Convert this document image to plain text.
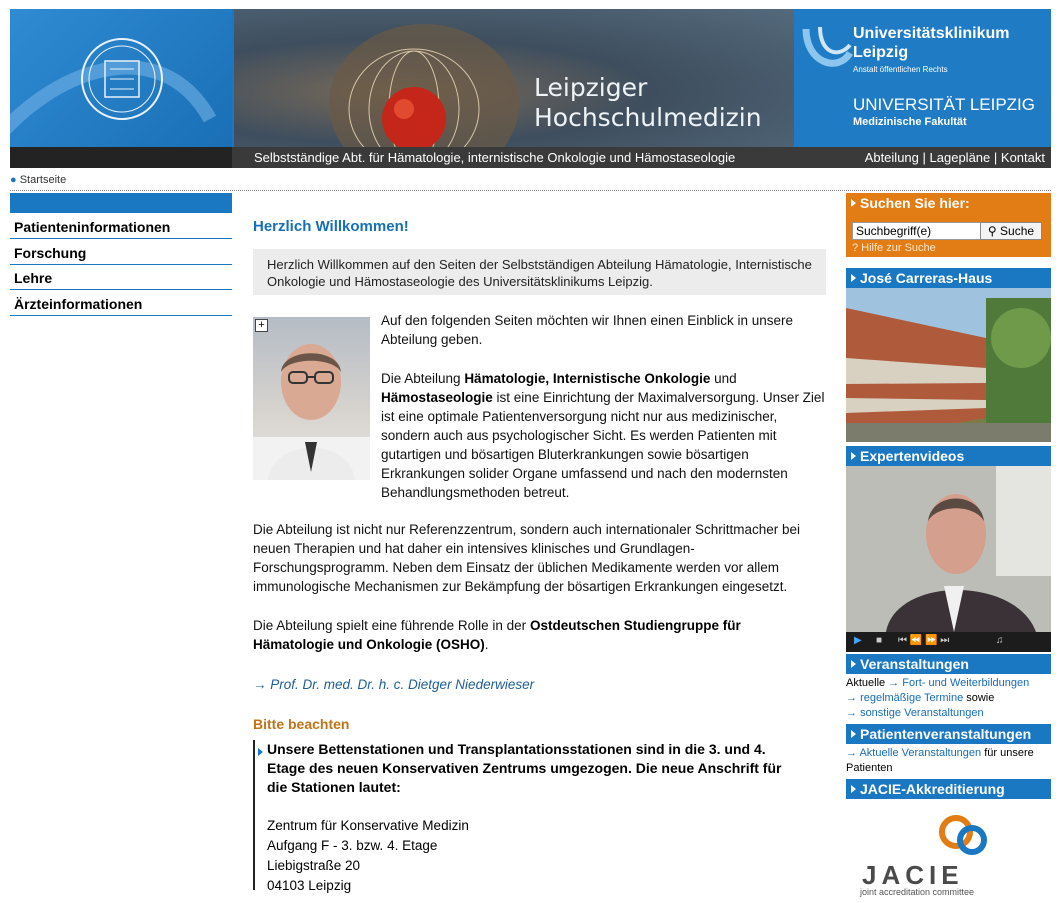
Leipziger
Hochschulmedizin
Universitätsklinikum
Leipzig
Anstalt öffentlichen Rechts
UNIVERSITÄT LEIPZIG
Medizinische Fakultät
Selbstständige Abt. für Hämatologie, internistische Onkologie und Hämostaseologie	Abteilung | Lagepläne | Kontakt
● Startseite
Patienteninformationen
Forschung
Lehre
Ärzteinformationen
Herzlich Willkommen!
Herzlich Willkommen auf den Seiten der Selbstständigen Abteilung Hämatologie, Internistische Onkologie und Hämostaseologie des Universitätsklinikums Leipzig.
+	Auf den folgenden Seiten möchten wir Ihnen einen Einblick in unsere Abteilung geben.
Die Abteilung Hämatologie, Internistische Onkologie und Hämostaseologie ist eine Einrichtung der Maximalversorgung. Unser Ziel ist eine optimale Patientenversorgung nicht nur aus medizinischer, sondern auch aus psychologischer Sicht. Es werden Patienten mit gutartigen und bösartigen Bluterkrankungen sowie bösartigen Erkrankungen solider Organe umfassend und nach den modernsten Behandlungsmethoden betreut.
Die Abteilung ist nicht nur Referenzzentrum, sondern auch internationaler Schrittmacher bei neuen Therapien und hat daher ein intensives klinisches und Grundlagen-Forschungsprogramm. Neben dem Einsatz der üblichen Medikamente werden vor allem immunologische Mechanismen zur Bekämpfung der bösartigen Erkrankungen eingesetzt.
Die Abteilung spielt eine führende Rolle in der Ostdeutschen Studiengruppe für Hämatologie und Onkologie (OSHO).
→ Prof. Dr. med. Dr. h. c. Dietger Niederwieser
Bitte beachten
Unsere Bettenstationen und Transplantationsstationen sind in die 3. und 4. Etage des neuen Konservativen Zentrums umgezogen. Die neue Anschrift für die Stationen lautet:
Zentrum für Konservative Medizin
Aufgang F - 3. bzw. 4. Etage
Liebigstraße 20
04103 Leipzig
Suchen Sie hier:
Suchbegriff(e)
⚲ Suche
? Hilfe zur Suche
José Carreras-Haus
Expertenvideos
▶ ■ ⏮ ⏪ ⏩ ⏭	♫
Veranstaltungen
Aktuelle → Fort- und Weiterbildungen
→ regelmäßige Termine sowie
→ sonstige Veranstaltungen
Patientenveranstaltungen
→ Aktuelle Veranstaltungen für unsere Patienten
JACIE-Akkreditierung
JACIE
joint accreditation committee
